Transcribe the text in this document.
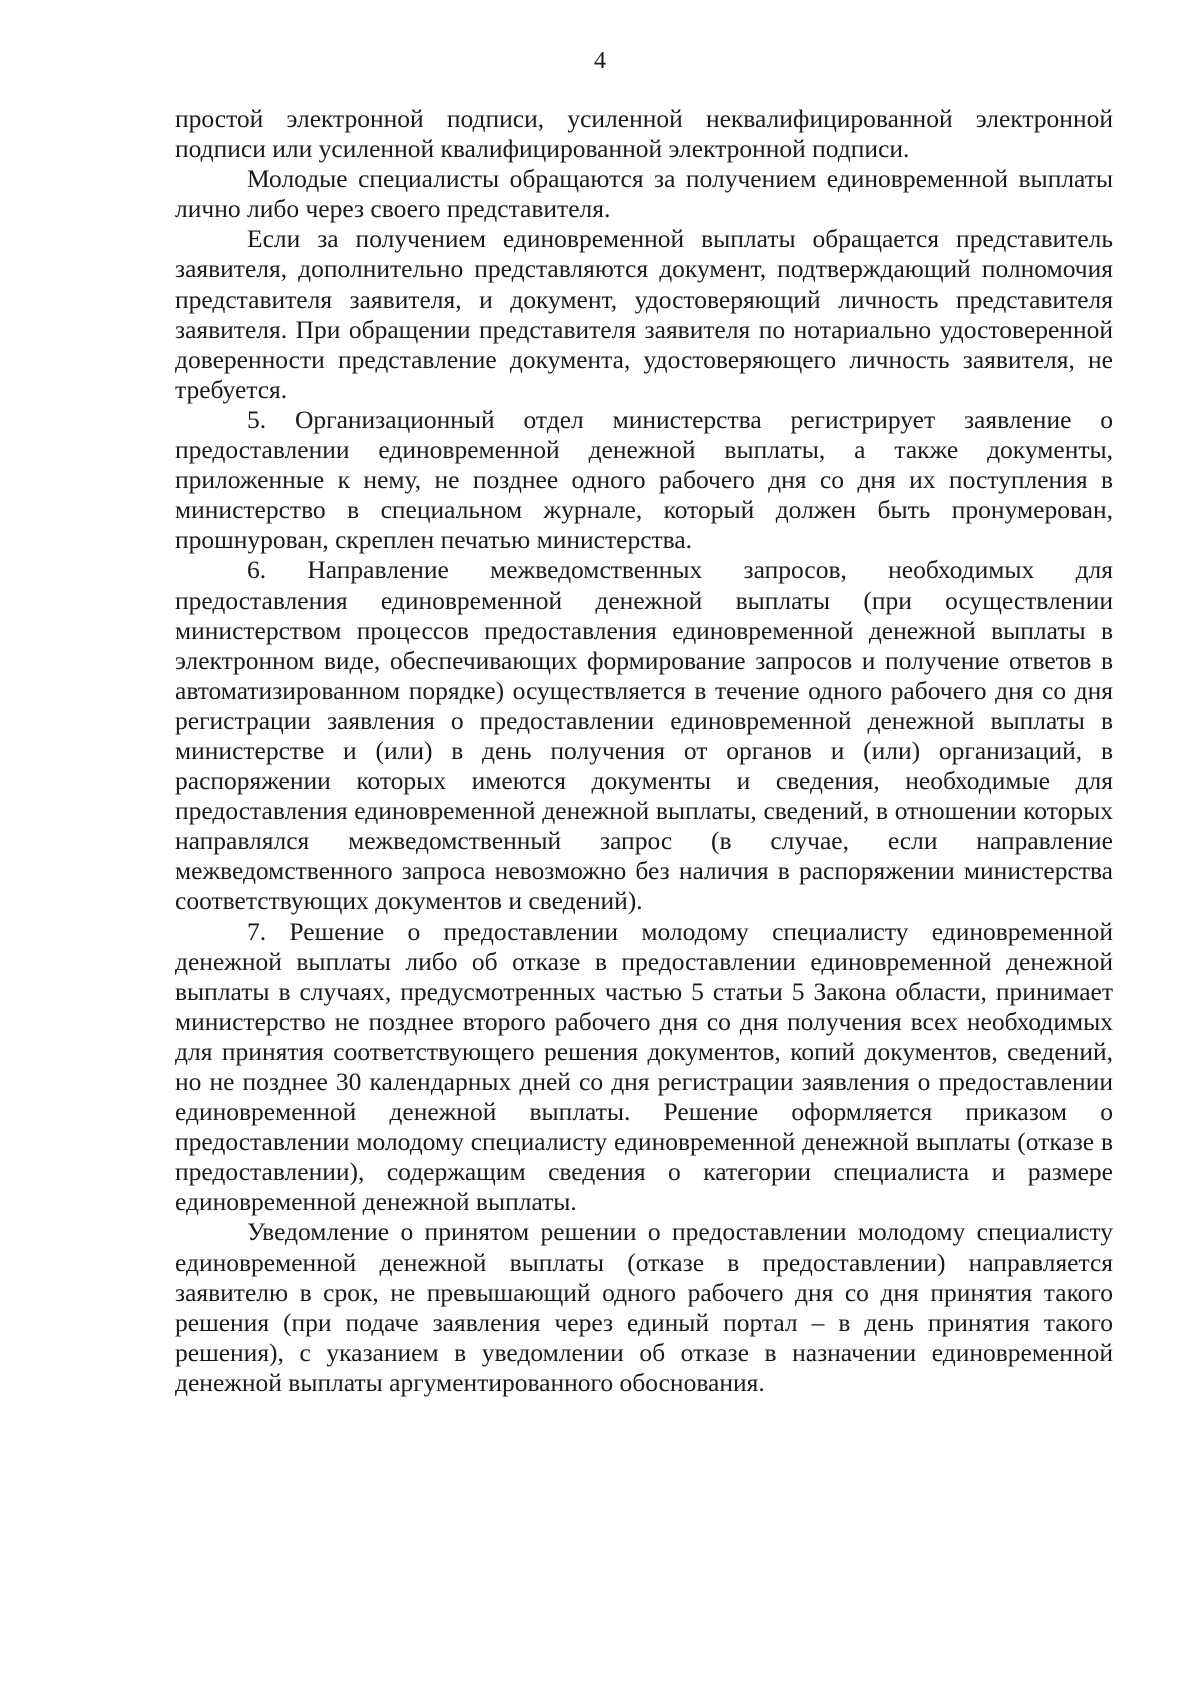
4

простой электронной подписи, усиленной неквалифицированной электронной подписи или усиленной квалифицированной электронной подписи.

Молодые специалисты обращаются за получением единовременной выплаты лично либо через своего представителя.

Если за получением единовременной выплаты обращается представитель заявителя, дополнительно представляются документ, подтверждающий полномочия представителя заявителя, и документ, удостоверяющий личность представителя заявителя. При обращении представителя заявителя по нотариально удостоверенной доверенности представление документа, удостоверяющего личность заявителя, не требуется.

5. Организационный отдел министерства регистрирует заявление о предоставлении единовременной денежной выплаты, а также документы, приложенные к нему, не позднее одного рабочего дня со дня их поступления в министерство в специальном журнале, который должен быть пронумерован, прошнурован, скреплен печатью министерства.

6. Направление межведомственных запросов, необходимых для предоставления единовременной денежной выплаты (при осуществлении министерством процессов предоставления единовременной денежной выплаты в электронном виде, обеспечивающих формирование запросов и получение ответов в автоматизированном порядке) осуществляется в течение одного рабочего дня со дня регистрации заявления о предоставлении единовременной денежной выплаты в министерстве и (или) в день получения от органов и (или) организаций, в распоряжении которых имеются документы и сведения, необходимые для предоставления единовременной денежной выплаты, сведений, в отношении которых направлялся межведомственный запрос (в случае, если направление межведомственного запроса невозможно без наличия в распоряжении министерства соответствующих документов и сведений).

7. Решение о предоставлении молодому специалисту единовременной денежной выплаты либо об отказе в предоставлении единовременной денежной выплаты в случаях, предусмотренных частью 5 статьи 5 Закона области, принимает министерство не позднее второго рабочего дня со дня получения всех необходимых для принятия соответствующего решения документов, копий документов, сведений, но не позднее 30 календарных дней со дня регистрации заявления о предоставлении единовременной денежной выплаты. Решение оформляется приказом о предоставлении молодому специалисту единовременной денежной выплаты (отказе в предоставлении), содержащим сведения о категории специалиста и размере единовременной денежной выплаты.

Уведомление о принятом решении о предоставлении молодому специалисту единовременной денежной выплаты (отказе в предоставлении) направляется заявителю в срок, не превышающий одного рабочего дня со дня принятия такого решения (при подаче заявления через единый портал – в день принятия такого решения), с указанием в уведомлении об отказе в назначении единовременной денежной выплаты аргументированного обоснования.
